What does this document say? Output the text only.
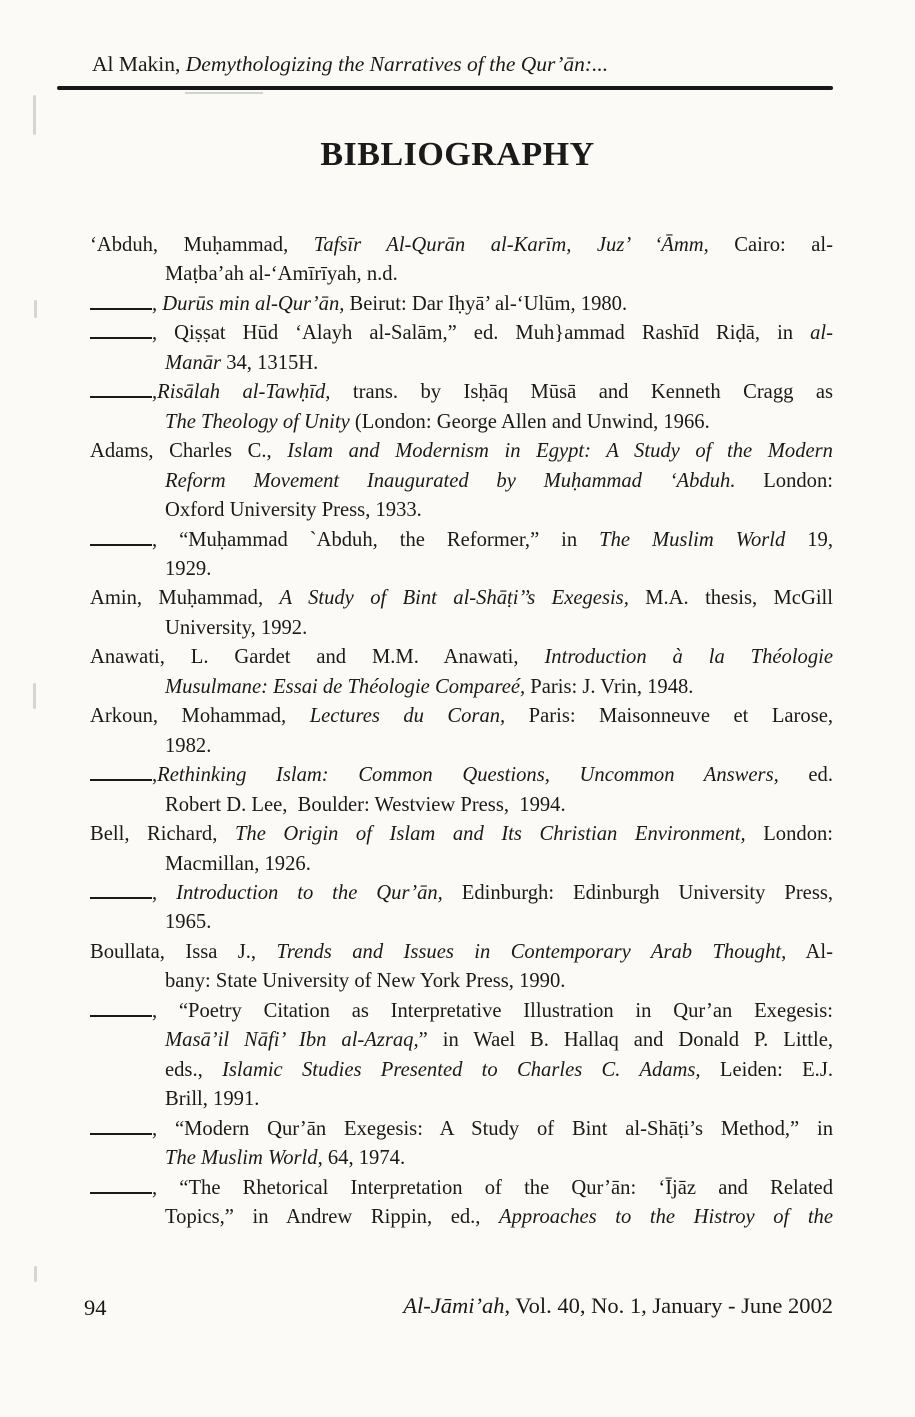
Al Makin, Demythologizing the Narratives of the Qur’ān:...
BIBLIOGRAPHY

‘Abduh, Muḥammad, Tafsīr Al-Qurān al-Karīm, Juz’ ‘Āmm, Cairo: al-
Maṭba’ah al-‘Amīrīyah, n.d.

, Durūs min al-Qur’ān, Beirut: Dar Iḥyā’ al-‘Ulūm, 1980.

, Qiṣṣat Hūd ‘Alayh al-Salām,” ed. Muh}ammad Rashīd Riḍā, in al-
Manār 34, 1315H.

,Risālah al-Tawḥīd, trans. by Isḥāq Mūsā and Kenneth Cragg as
The Theology of Unity (London: George Allen and Unwind, 1966.

Adams, Charles C., Islam and Modernism in Egypt: A Study of the Modern
Reform Movement Inaugurated by Muḥammad ‘Abduh. London:
Oxford University Press, 1933.

, “Muḥammad `Abduh, the Reformer,” in The Muslim World 19,
1929.

Amin, Muḥammad, A Study of Bint al-Shāṭi’’s Exegesis, M.A. thesis, McGill
University, 1992.

Anawati, L. Gardet and M.M. Anawati, Introduction à la Théologie
Musulmane: Essai de Théologie Compareé, Paris: J. Vrin, 1948.

Arkoun, Mohammad, Lectures du Coran, Paris: Maisonneuve et Larose,
1982.

,Rethinking Islam: Common Questions, Uncommon Answers, ed.
Robert D. Lee,  Boulder: Westview Press,  1994.

Bell, Richard, The Origin of Islam and Its Christian Environment, London:
Macmillan, 1926.

, Introduction to the Qur’ān, Edinburgh: Edinburgh University Press,
1965.

Boullata, Issa J., Trends and Issues in Contemporary Arab Thought, Al-
bany: State University of New York Press, 1990.

, “Poetry Citation as Interpretative Illustration in Qur’an Exegesis:
Masā’il Nāfi’ Ibn al-Azraq,” in Wael B. Hallaq and Donald P. Little,
eds., Islamic Studies Presented to Charles C. Adams, Leiden: E.J.
Brill, 1991.

, “Modern Qur’ān Exegesis: A Study of Bint al-Shāṭi’s Method,” in
The Muslim World, 64, 1974.

, “The Rhetorical Interpretation of the Qur’ān: ‘Ījāz and Related
Topics,” in Andrew Rippin, ed., Approaches to the Histroy of the

94	Al-Jāmi’ah, Vol. 40, No. 1, January - June 2002
